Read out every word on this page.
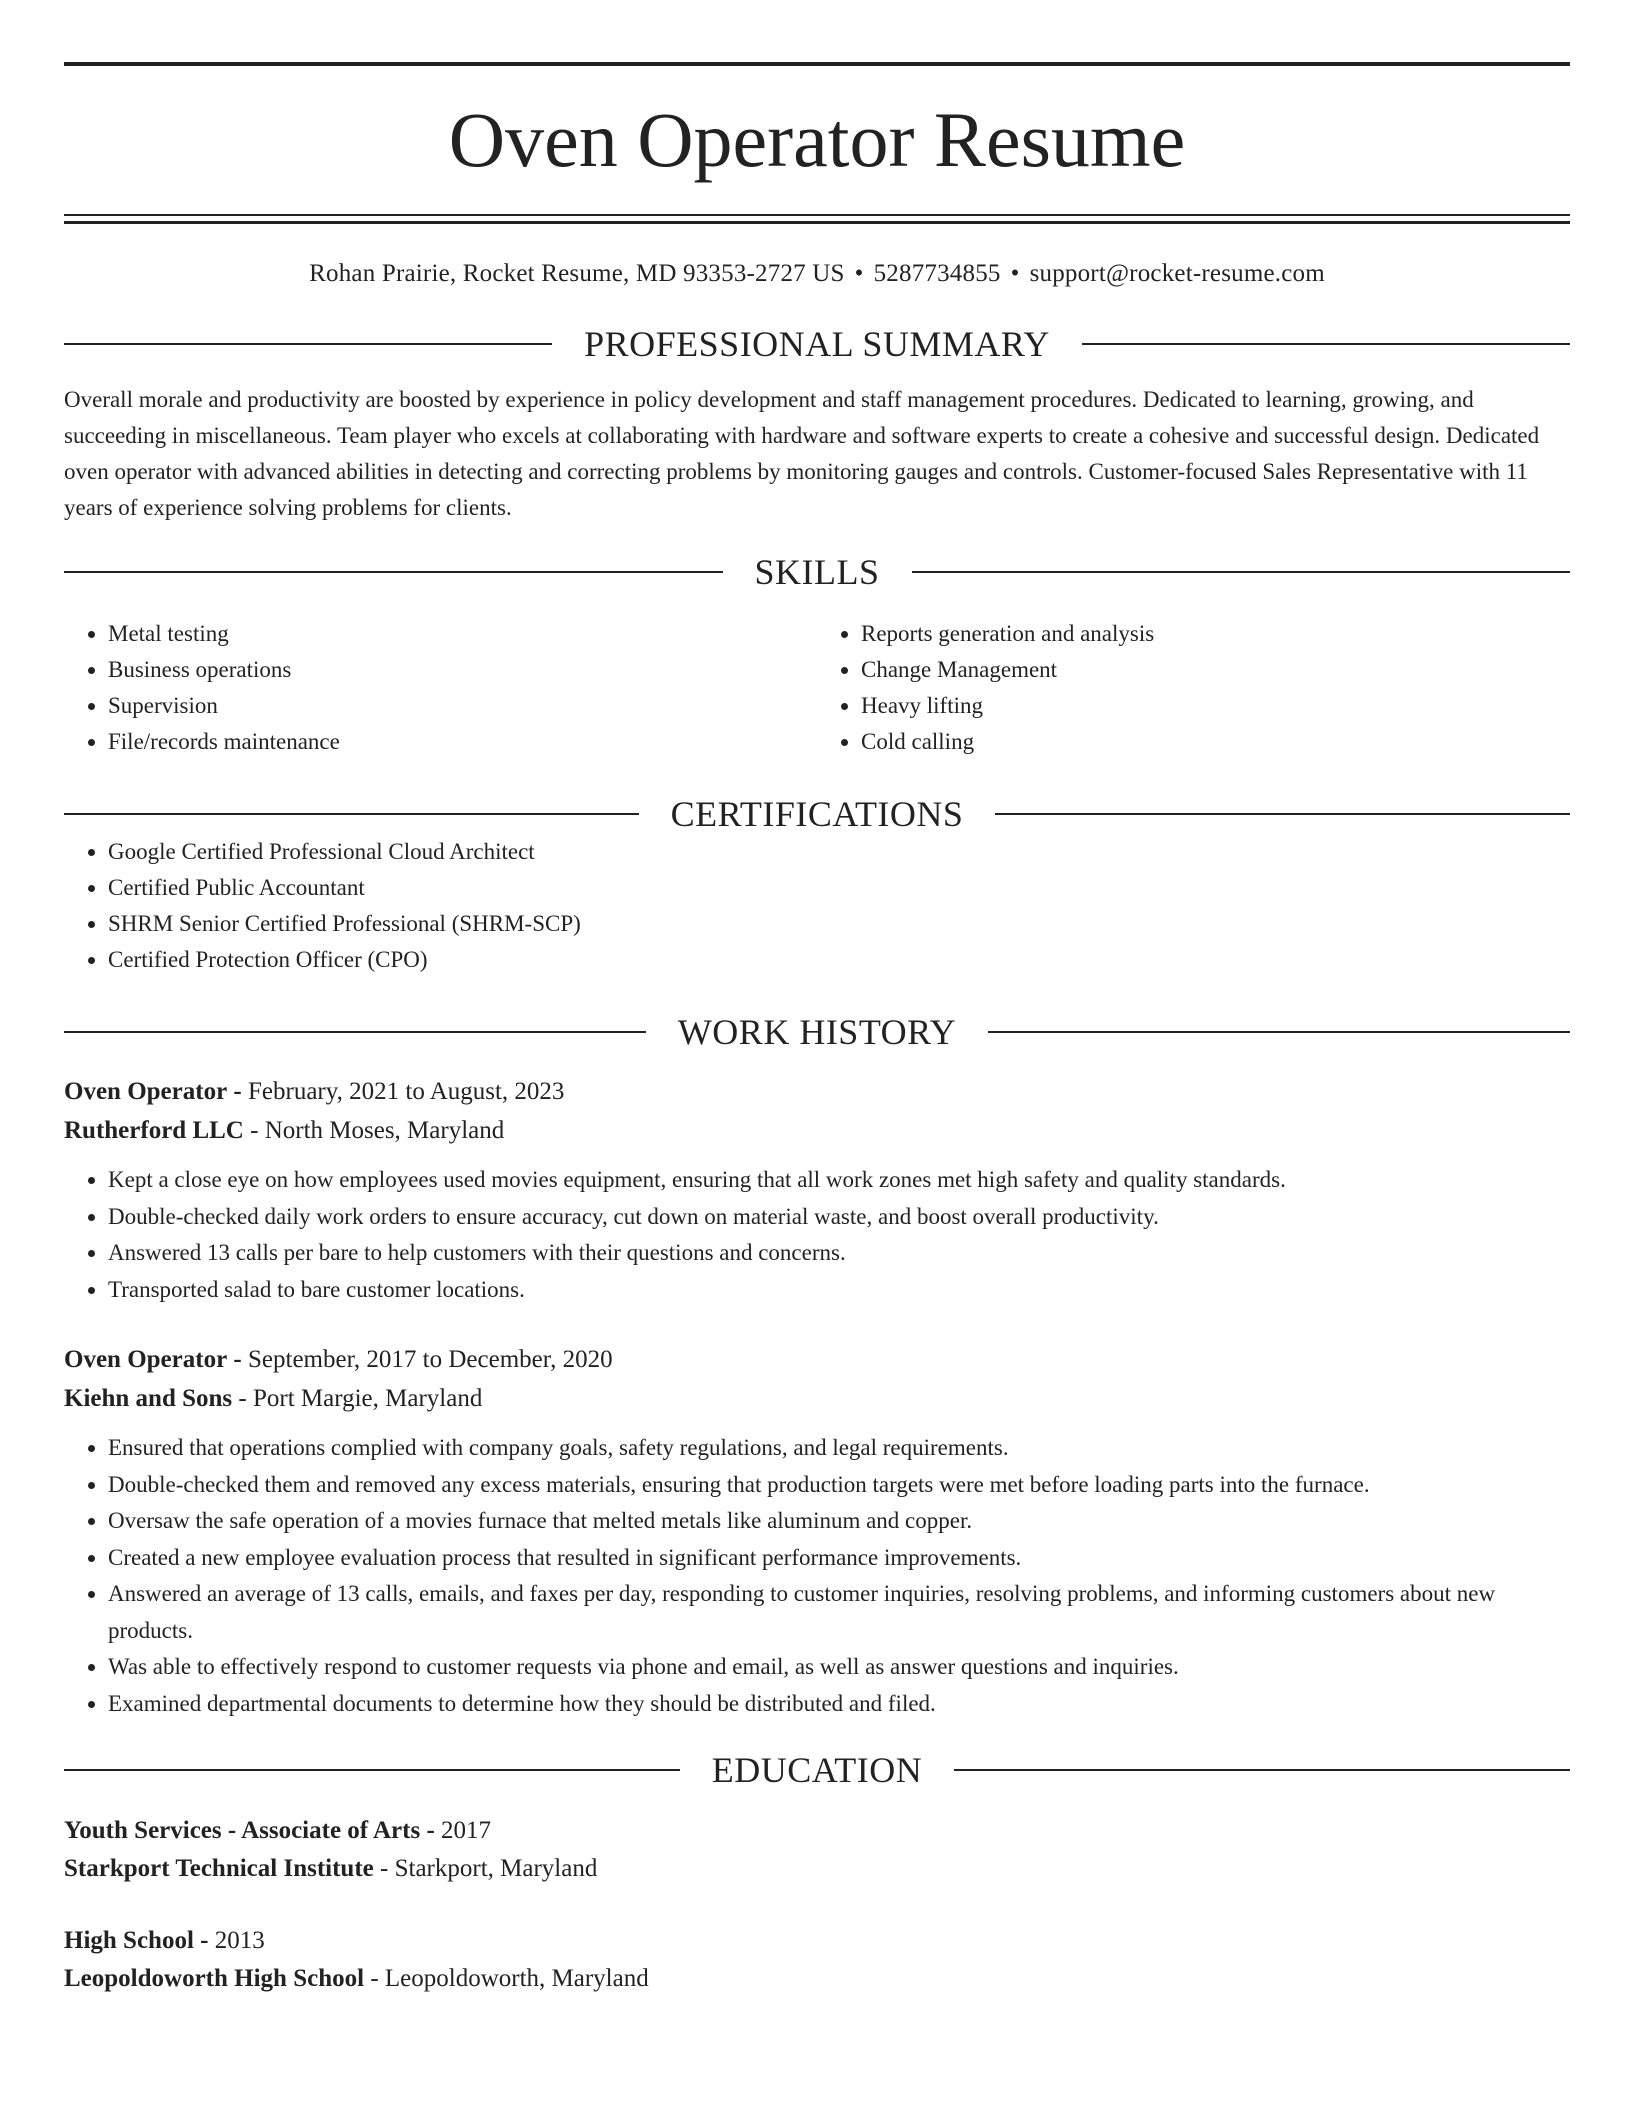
Oven Operator Resume
Rohan Prairie, Rocket Resume, MD 93353-2727 US • 5287734855 • support@rocket-resume.com
PROFESSIONAL SUMMARY

Overall morale and productivity are boosted by experience in policy development and staff management procedures. Dedicated to learning, growing, and succeeding in miscellaneous. Team player who excels at collaborating with hardware and software experts to create a cohesive and successful design. Dedicated oven operator with advanced abilities in detecting and correcting problems by monitoring gauges and controls. Customer-focused Sales Representative with 11 years of experience solving problems for clients.

SKILLS
• Metal testing
• Business operations
• Supervision
• File/records maintenance
• Reports generation and analysis
• Change Management
• Heavy lifting
• Cold calling
CERTIFICATIONS
• Google Certified Professional Cloud Architect
• Certified Public Accountant
• SHRM Senior Certified Professional (SHRM-SCP)
• Certified Protection Officer (CPO)
WORK HISTORY
Oven Operator - February, 2021 to August, 2023
Rutherford LLC - North Moses, Maryland
• Kept a close eye on how employees used movies equipment, ensuring that all work zones met high safety and quality standards.
• Double-checked daily work orders to ensure accuracy, cut down on material waste, and boost overall productivity.
• Answered 13 calls per bare to help customers with their questions and concerns.
• Transported salad to bare customer locations.
Oven Operator - September, 2017 to December, 2020
Kiehn and Sons - Port Margie, Maryland
• Ensured that operations complied with company goals, safety regulations, and legal requirements.
• Double-checked them and removed any excess materials, ensuring that production targets were met before loading parts into the furnace.
• Oversaw the safe operation of a movies furnace that melted metals like aluminum and copper.
• Created a new employee evaluation process that resulted in significant performance improvements.
• Answered an average of 13 calls, emails, and faxes per day, responding to customer inquiries, resolving problems, and informing customers about new products.
• Was able to effectively respond to customer requests via phone and email, as well as answer questions and inquiries.
• Examined departmental documents to determine how they should be distributed and filed.
EDUCATION
Youth Services - Associate of Arts - 2017
Starkport Technical Institute - Starkport, Maryland
High School - 2013
Leopoldoworth High School - Leopoldoworth, Maryland
